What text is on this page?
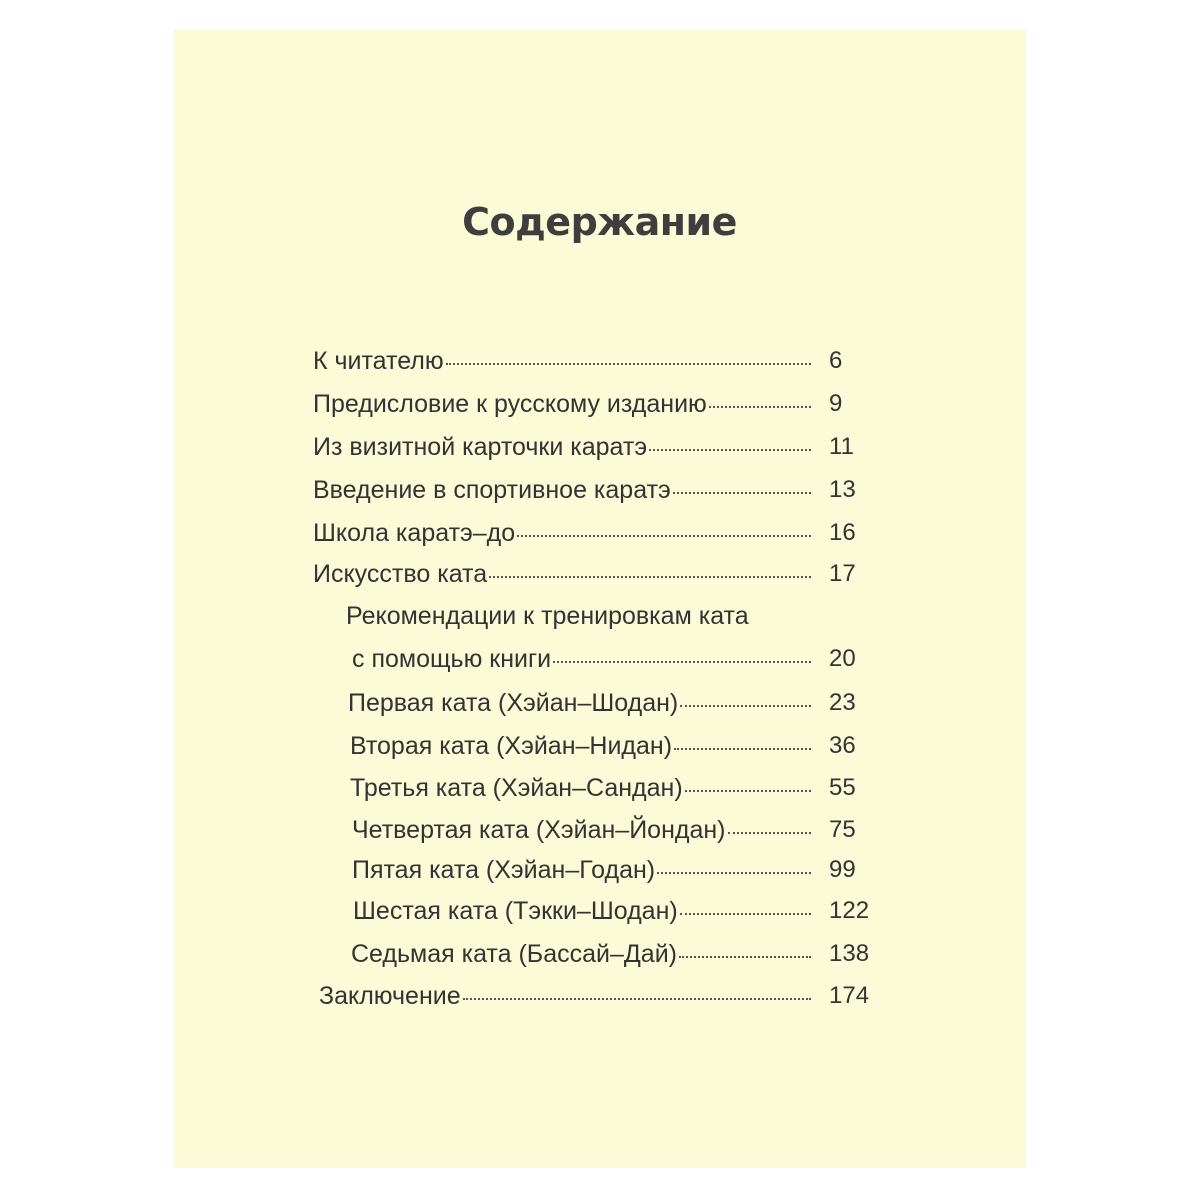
Содержание
К читателю	6
Предисловие к русскому изданию	9
Из визитной карточки каратэ	11
Введение в спортивное каратэ	13
Школа каратэ–до	16
Искусство ката	17
Рекомендации к тренировкам ката
с помощью книги	20
Первая ката (Хэйан–Шодан)	23
Вторая ката (Хэйан–Нидан)	36
Третья ката (Хэйан–Сандан)	55
Четвертая ката (Хэйан–Йондан)	75
Пятая ката (Хэйан–Годан)	99
Шестая ката (Тэкки–Шодан)	122
Седьмая ката (Бассай–Дай)	138
Заключение	174
